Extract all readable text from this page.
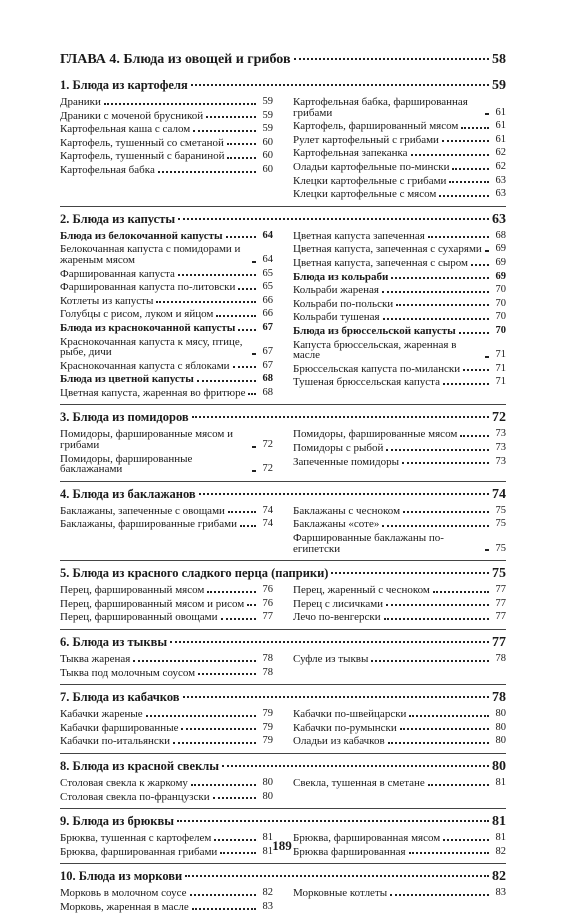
ГЛАВА 4. Блюда из овощей и грибов	58
1. Блюда из картофеля	59
Драники	59
Драники с моченой брусникой	59
Картофельная каша с салом	59
Картофель, тушенный со сметаной	60
Картофель, тушенный с бараниной	60
Картофельная бабка	60
Картофельная бабка, фаршированная грибами	61
Картофель, фаршированный мясом	61
Рулет картофельный с грибами	61
Картофельная запеканка	62
Оладьи картофельные по-мински	62
Клецки картофельные с грибами	63
Клецки картофельные с мясом	63
2. Блюда из капусты	63
Блюда из белокочанной капусты	64
Белокочанная капуста с помидорами и жареным мясом	64
Фаршированная капуста	65
Фаршированная капуста по-литовски	65
Котлеты из капусты	66
Голубцы с рисом, луком и яйцом	66
Блюда из краснокочанной капусты	67
Краснокочанная капуста к мясу, птице, рыбе, дичи	67
Краснокочанная капуста с яблоками	67
Блюда из цветной капусты	68
Цветная капуста, жаренная во фритюре	68
Цветная капуста запеченная	68
Цветная капуста, запеченная с сухарями	69
Цветная капуста, запеченная с сыром	69
Блюда из кольраби	69
Кольраби жареная	70
Кольраби по-польски	70
Кольраби тушеная	70
Блюда из брюссельской капусты	70
Капуста брюссельская, жаренная в масле	71
Брюссельская капуста по-милански	71
Тушеная брюссельская капуста	71
3. Блюда из помидоров	72
Помидоры, фаршированные мясом и грибами	72
Помидоры, фаршированные баклажанами	72
Помидоры, фаршированные мясом	73
Помидоры с рыбой	73
Запеченные помидоры	73
4. Блюда из баклажанов	74
Баклажаны, запеченные с овощами	74
Баклажаны, фаршированные грибами	74
Баклажаны с чесноком	75
Баклажаны «соте»	75
Фаршированные баклажаны по-египетски	75
5. Блюда из красного сладкого перца (паприки)	75
Перец, фаршированный мясом	76
Перец, фаршированный мясом и рисом	76
Перец, фаршированный овощами	77
Перец, жаренный с чесноком	77
Перец с лисичками	77
Лечо по-венгерски	77
6. Блюда из тыквы	77
Тыква жареная	78
Тыква под молочным соусом	78
Суфле из тыквы	78
7. Блюда из кабачков	78
Кабачки жареные	79
Кабачки фаршированные	79
Кабачки по-итальянски	79
Кабачки по-швейцарски	80
Кабачки по-румынски	80
Оладьи из кабачков	80
8. Блюда из красной свеклы	80
Столовая свекла к жаркому	80
Столовая свекла по-французски	80
Свекла, тушенная в сметане	81
9. Блюда из брюквы	81
Брюква, тушенная с картофелем	81
Брюква, фаршированная грибами	81
Брюква, фаршированная мясом	81
Брюква фаршированная	82
10. Блюда из моркови	82
Морковь в молочном соусе	82
Морковь, жаренная в масле	83
Морковные котлеты	83
189
